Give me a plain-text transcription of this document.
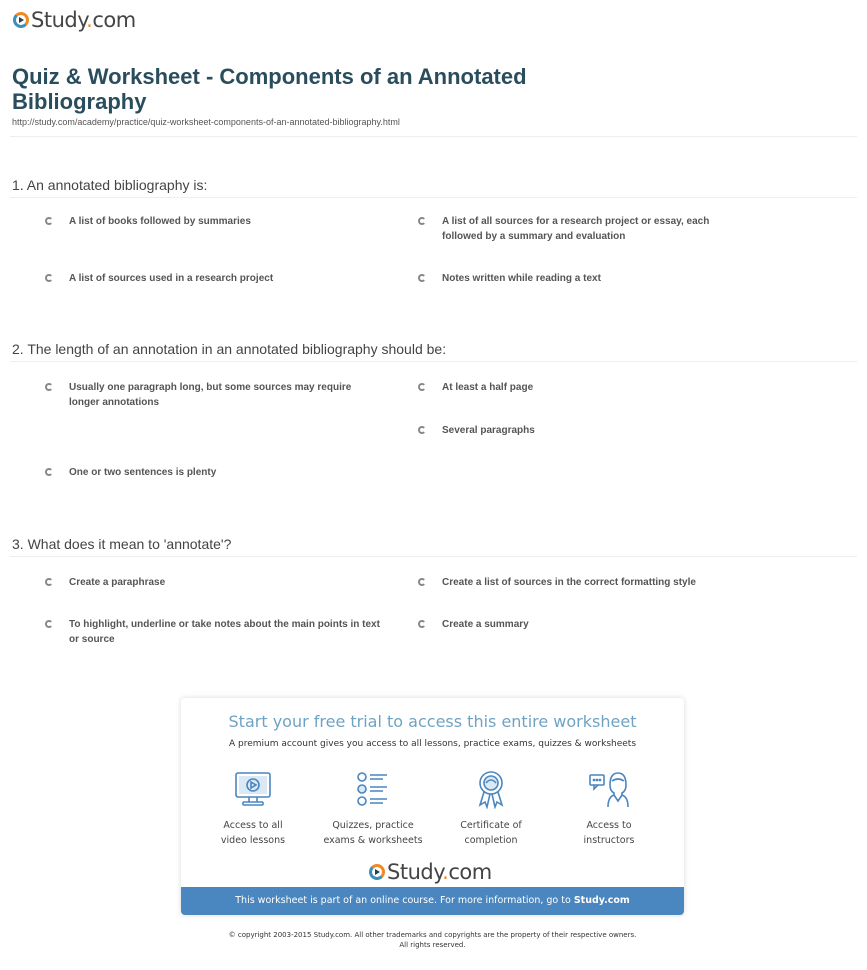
Study.com
Quiz & Worksheet - Components of an Annotated Bibliography
http://study.com/academy/practice/quiz-worksheet-components-of-an-annotated-bibliography.html
1. An annotated bibliography is:
A list of books followed by summaries	A list of all sources for a research project or essay, each followed by a summary and evaluation
A list of sources used in a research project	Notes written while reading a text
2. The length of an annotation in an annotated bibliography should be:
Usually one paragraph long, but some sources may require longer annotations
At least a half page
Several paragraphs
One or two sentences is plenty
3. What does it mean to 'annotate'?
Create a paraphrase	Create a list of sources in the correct formatting style
To highlight, underline or take notes about the main points in text or source
Create a summary
Start your free trial to access this entire worksheet
A premium account gives you access to all lessons, practice exams, quizzes & worksheets
Access to all
video lessons
Quizzes, practice
exams & worksheets
Certificate of
completion
Access to
instructors
Study.com
This worksheet is part of an online course. For more information, go to Study.com
© copyright 2003-2015 Study.com. All other trademarks and copyrights are the property of their respective owners.
All rights reserved.
